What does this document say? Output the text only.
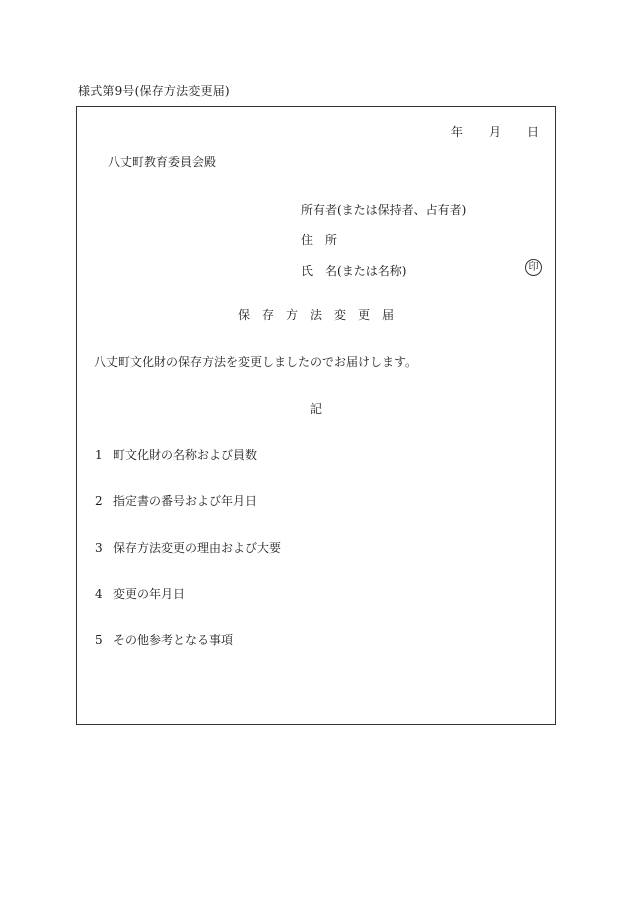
様式第9号(保存方法変更届)
年 月 日
八丈町教育委員会殿
所有者(または保持者、占有者)
住所
氏名(または名称)	印
保存方法変更届
八丈町文化財の保存方法を変更しましたのでお届けします。
記
1 町文化財の名称および員数
2 指定書の番号および年月日
3 保存方法変更の理由および大要
4 変更の年月日
5 その他参考となる事項
